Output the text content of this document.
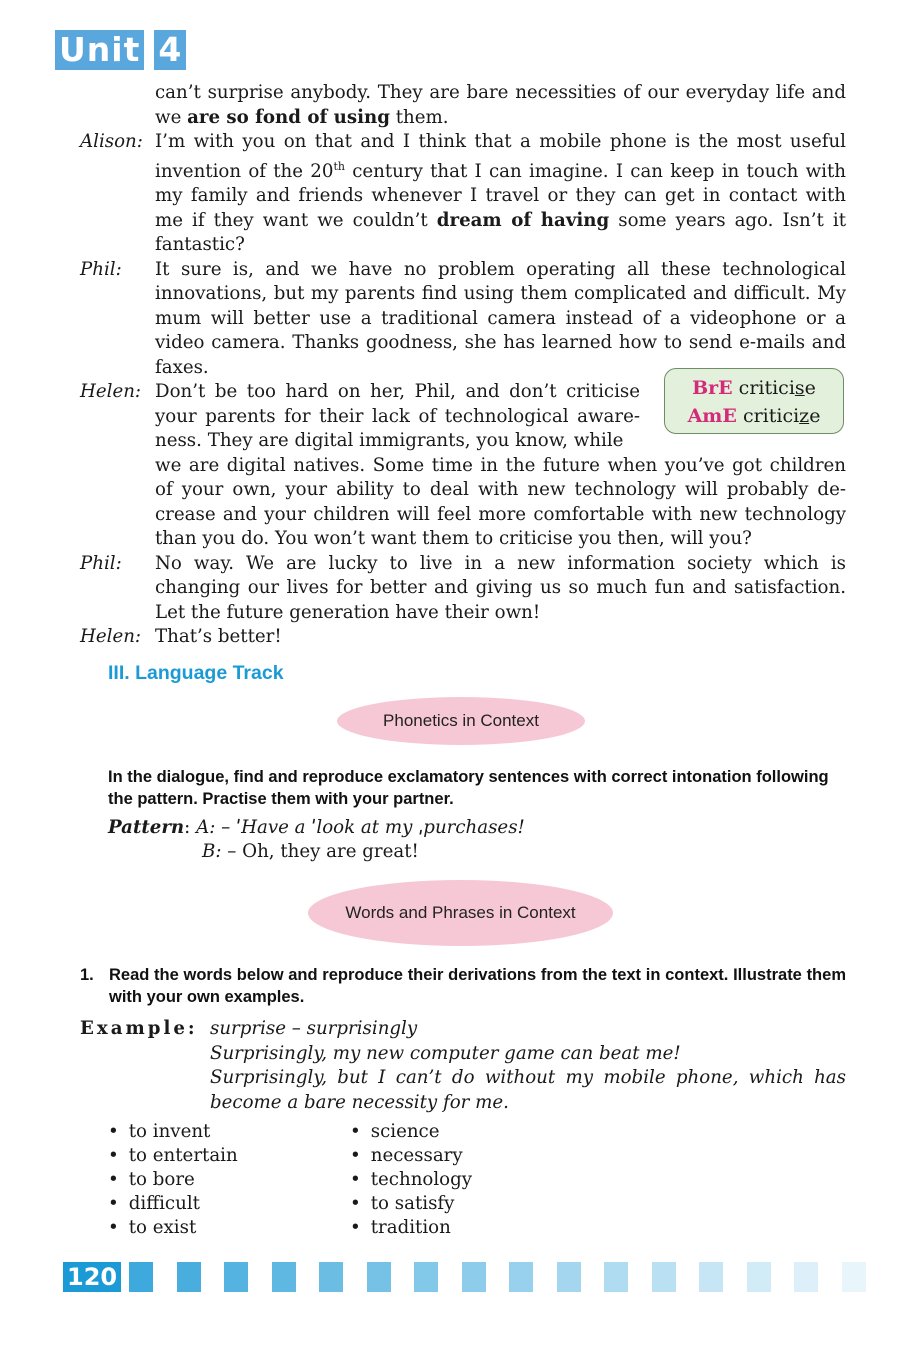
Unit 4
can’t surprise anybody. They are bare necessities of our everyday life and we are so fond of using them.
Alison: I’m with you on that and I think that a mobile phone is the most useful invention of the 20th century that I can imagine. I can keep in touch with my family and friends whenever I travel or they can get in contact with me if they want we couldn’t dream of having some years ago. Isn’t it fantastic?
Phil: It sure is, and we have no problem operating all these technological innovations, but my parents find using them complicated and difficult. My mum will better use a traditional camera instead of a videophone or a video camera. Thanks goodness, she has learned how to send e-mails and faxes.
Helen: Don’t be too hard on her, Phil, and don’t criticise your parents for their lack of technological awareness. They are digital immigrants, you know, while
we are digital natives. Some time in the future when you’ve got children of your own, your ability to deal with new technology will probably decrease and your children will feel more comfortable with new technology than you do. You won’t want them to criticise you then, will you?
Phil: No way. We are lucky to live in a new information society which is changing our lives for better and giving us so much fun and satisfaction. Let the future generation have their own!
Helen: That’s better!
BrE criticise
AmE criticize
III. Language Track
Phonetics in Context
In the dialogue, find and reproduce exclamatory sentences with correct intonation following the pattern. Practise them with your partner.
Pattern: A: – ˈHave a ˈlook at my ˌpurchases!
B: – Oh, they are great!
Words and Phrases in Context
1. Read the words below and reproduce their derivations from the text in context. Illustrate them with your own examples.
Example: surprise – surprisingly
Surprisingly, my new computer game can beat me!
Surprisingly, but I can’t do without my mobile phone, which has become a bare necessity for me.
• to invent
• to entertain
• to bore
• difficult
• to exist
• science
• necessary
• technology
• to satisfy
• tradition
120
